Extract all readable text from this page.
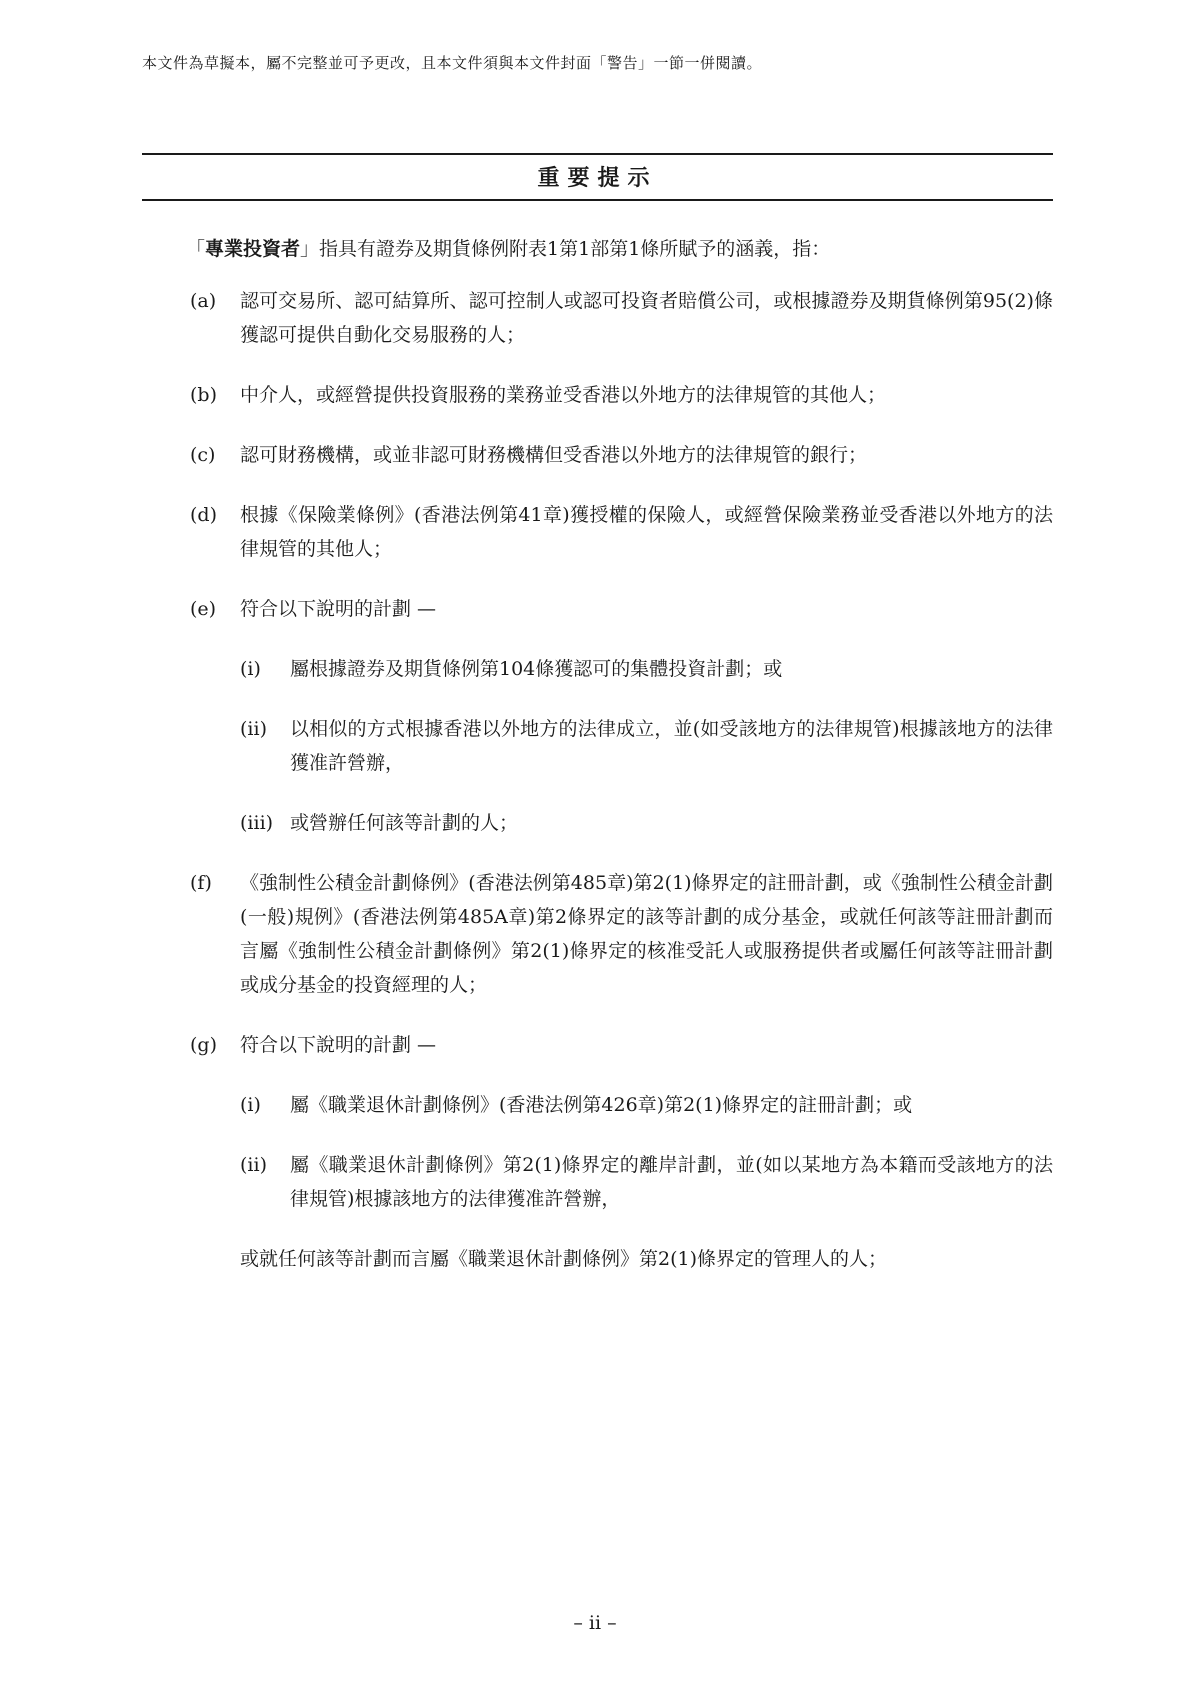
本文件為草擬本，屬不完整並可予更改，且本文件須與本文件封面「警告」一節一併閱讀。
重要提示

「專業投資者」指具有證券及期貨條例附表1第1部第1條所賦予的涵義，指：

(a)	認可交易所、認可結算所、認可控制人或認可投資者賠償公司，或根據證券及期貨條例第95(2)條獲認可提供自動化交易服務的人；
(b)	中介人，或經營提供投資服務的業務並受香港以外地方的法律規管的其他人；
(c)	認可財務機構，或並非認可財務機構但受香港以外地方的法律規管的銀行；
(d)	根據《保險業條例》(香港法例第41章)獲授權的保險人，或經營保險業務並受香港以外地方的法律規管的其他人；
(e)	符合以下說明的計劃 —
(i)	屬根據證券及期貨條例第104條獲認可的集體投資計劃；或
(ii)	以相似的方式根據香港以外地方的法律成立，並(如受該地方的法律規管)根據該地方的法律獲准許營辦，
(iii) 或營辦任何該等計劃的人；
(f)	《強制性公積金計劃條例》(香港法例第485章)第2(1)條界定的註冊計劃，或《強制性公積金計劃(一般)規例》(香港法例第485A章)第2條界定的該等計劃的成分基金，或就任何該等註冊計劃而言屬《強制性公積金計劃條例》第2(1)條界定的核准受託人或服務提供者或屬任何該等註冊計劃或成分基金的投資經理的人；
(g)	符合以下說明的計劃 —
(i)	屬《職業退休計劃條例》(香港法例第426章)第2(1)條界定的註冊計劃；或
(ii)	屬《職業退休計劃條例》第2(1)條界定的離岸計劃，並(如以某地方為本籍而受該地方的法律規管)根據該地方的法律獲准許營辦，

或就任何該等計劃而言屬《職業退休計劃條例》第2(1)條界定的管理人的人；

– ii –
